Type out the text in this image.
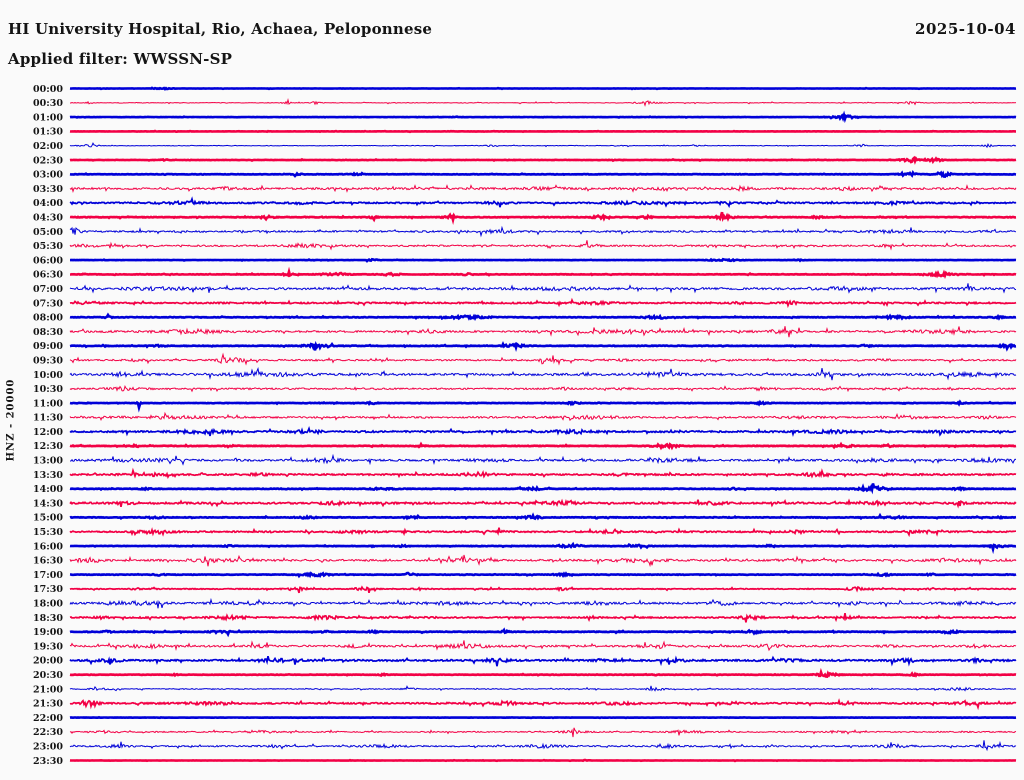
HI University Hospital, Rio, Achaea, Peloponnese	2025-10-04
Applied filter: WWSSN-SP
HNZ - 20000
00:00
00:30
01:00
01:30
02:00
02:30
03:00
03:30
04:00
04:30
05:00
05:30
06:00
06:30
07:00
07:30
08:00
08:30
09:00
09:30
10:00
10:30
11:00
11:30
12:00
12:30
13:00
13:30
14:00
14:30
15:00
15:30
16:00
16:30
17:00
17:30
18:00
18:30
19:00
19:30
20:00
20:30
21:00
21:30
22:00
22:30
23:00
23:30
